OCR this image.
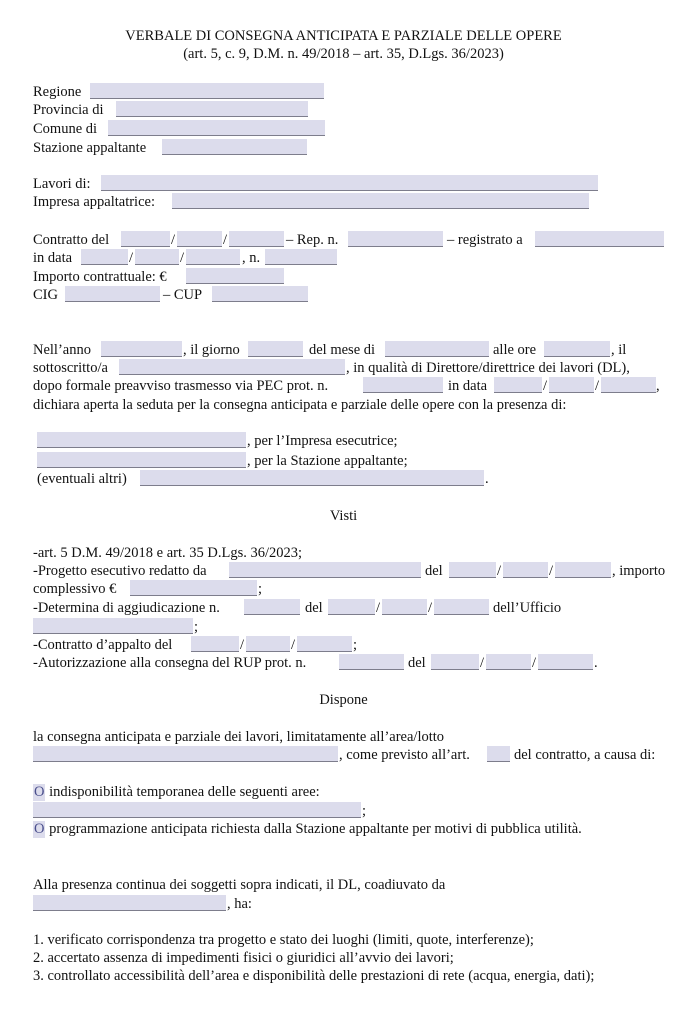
VERBALE DI CONSEGNA ANTICIPATA E PARZIALE DELLE OPERE
(art. 5, c. 9, D.M. n. 49/2018 – art. 35, D.Lgs. 36/2023)
Regione
Provincia di
Comune di
Stazione appaltante
Lavori di:
Impresa appaltatrice:
Contratto del	/	/	– Rep. n.	– registrato a
in data	/	/	, n.
Importo contrattuale: €
CIG	– CUP
Nell’anno	, il giorno	del mese di	alle ore	, il
sottoscritto/a	, in qualità di Direttore/direttrice dei lavori (DL),
dopo formale preavviso trasmesso via PEC prot. n.	in data	/	/	,
dichiara aperta la seduta per la consegna anticipata e parziale delle opere con la presenza di:
, per l’Impresa esecutrice;
, per la Stazione appaltante;
(eventuali altri)	.
Visti
-art. 5 D.M. 49/2018 e art. 35 D.Lgs. 36/2023;
-Progetto esecutivo redatto da	del	/	/	, importo
complessivo €	;
-Determina di aggiudicazione n.	del	/	/	dell’Ufficio
;
-Contratto d’appalto del	/	/	;
-Autorizzazione alla consegna del RUP prot. n.	del	/	/	.
Dispone
la consegna anticipata e parziale dei lavori, limitatamente all’area/lotto
, come previsto all’art.	del contratto, a causa di:
O indisponibilità temporanea delle seguenti aree:
;
O programmazione anticipata richiesta dalla Stazione appaltante per motivi di pubblica utilità.
Alla presenza continua dei soggetti sopra indicati, il DL, coadiuvato da
, ha:
1. verificato corrispondenza tra progetto e stato dei luoghi (limiti, quote, interferenze);
2. accertato assenza di impedimenti fisici o giuridici all’avvio dei lavori;
3. controllato accessibilità dell’area e disponibilità delle prestazioni di rete (acqua, energia, dati);
